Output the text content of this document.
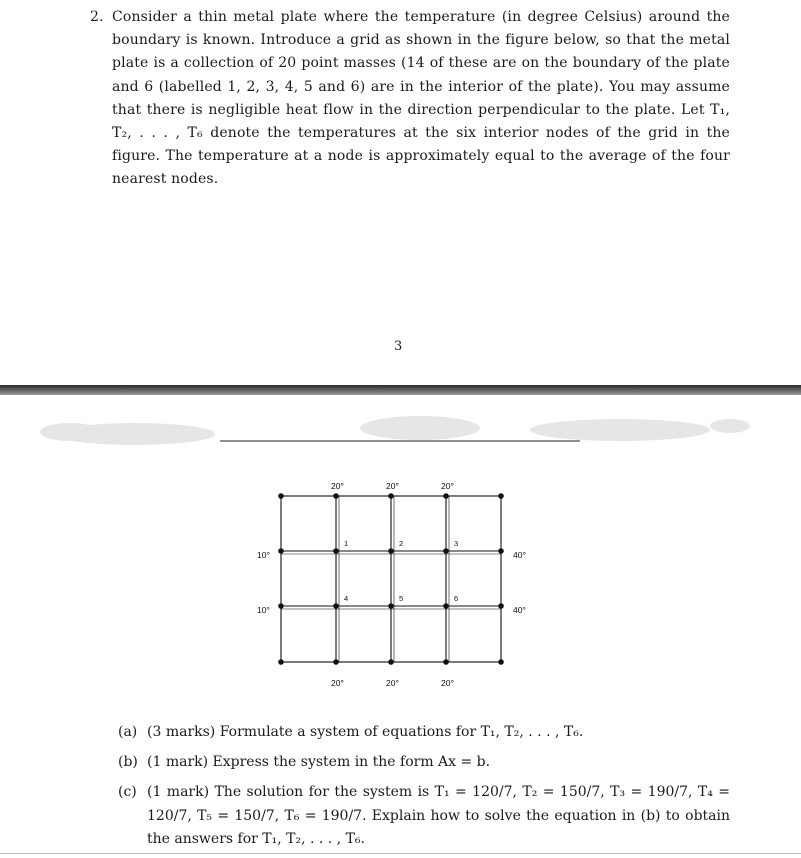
2. Consider a thin metal plate where the temperature (in degree Celsius) around the boundary is known. Introduce a grid as shown in the figure below, so that the metal plate is a collection of 20 point masses (14 of these are on the boundary of the plate and 6 (labelled 1, 2, 3, 4, 5 and 6) are in the interior of the plate). You may assume that there is negligible heat flow in the direction perpendicular to the plate. Let T₁, T₂, . . . , T₆ denote the temperatures at the six interior nodes of the grid in the figure. The temperature at a node is approximately equal to the average of the four nearest nodes.
3
20°	20°	20°
20°	20°	20°
10°
10°
40°
40°
1	2	3
4	5	6
(a) (3 marks) Formulate a system of equations for T₁, T₂, . . . , T₆.
(b) (1 mark) Express the system in the form Ax = b.
(c) (1 mark) The solution for the system is T₁ = 120/7, T₂ = 150/7, T₃ = 190/7, T₄ = 120/7, T₅ = 150/7, T₆ = 190/7. Explain how to solve the equation in (b) to obtain the answers for T₁, T₂, . . . , T₆.
